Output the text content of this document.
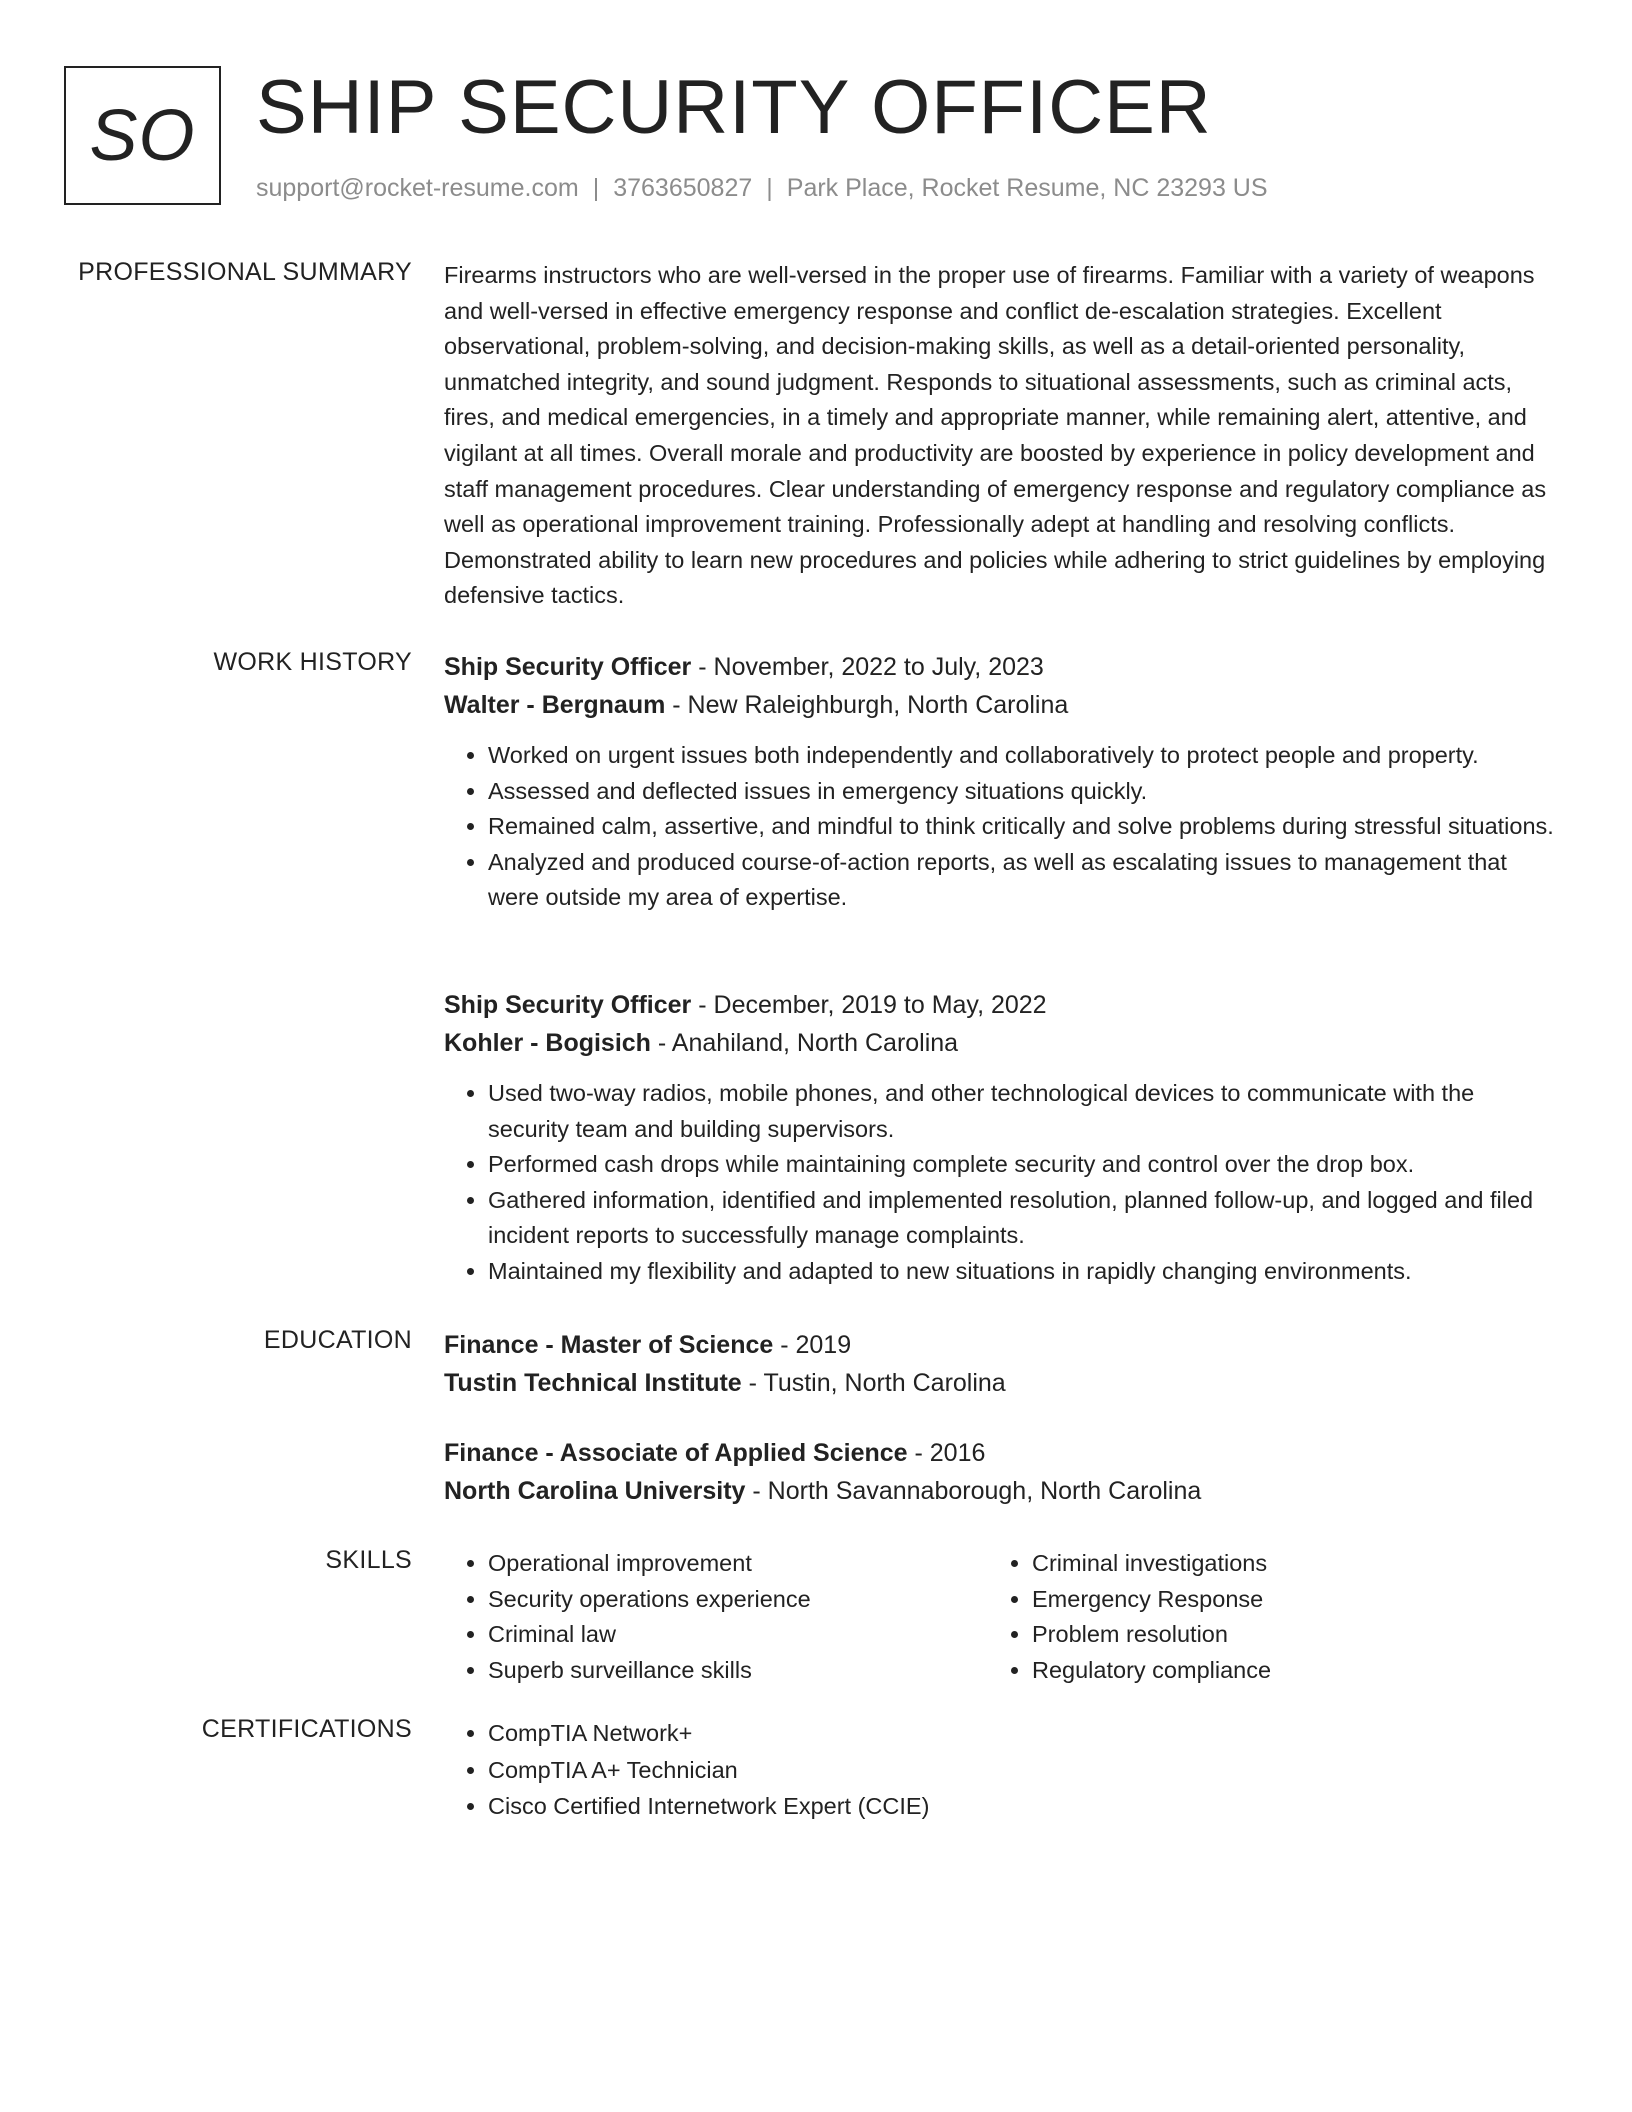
SO SHIP SECURITY OFFICER
support@rocket-resume.com | 3763650827 | Park Place, Rocket Resume, NC 23293 US
PROFESSIONAL SUMMARY Firearms instructors who are well-versed in the proper use of firearms. Familiar with a variety of weapons and well-versed in effective emergency response and conflict de-escalation strategies. Excellent observational, problem-solving, and decision-making skills, as well as a detail-oriented personality, unmatched integrity, and sound judgment. Responds to situational assessments, such as criminal acts, fires, and medical emergencies, in a timely and appropriate manner, while remaining alert, attentive, and vigilant at all times. Overall morale and productivity are boosted by experience in policy development and staff management procedures. Clear understanding of emergency response and regulatory compliance as well as operational improvement training. Professionally adept at handling and resolving conflicts. Demonstrated ability to learn new procedures and policies while adhering to strict guidelines by employing defensive tactics.

WORK HISTORY Ship Security Officer - November, 2022 to July, 2023
Walter - Bergnaum - New Raleighburgh, North Carolina
• Worked on urgent issues both independently and collaboratively to protect people and property.
• Assessed and deflected issues in emergency situations quickly.
• Remained calm, assertive, and mindful to think critically and solve problems during stressful situations.
• Analyzed and produced course-of-action reports, as well as escalating issues to management that were outside my area of expertise.
Ship Security Officer - December, 2019 to May, 2022
Kohler - Bogisich - Anahiland, North Carolina
• Used two-way radios, mobile phones, and other technological devices to communicate with the security team and building supervisors.
• Performed cash drops while maintaining complete security and control over the drop box.
• Gathered information, identified and implemented resolution, planned follow-up, and logged and filed incident reports to successfully manage complaints.
• Maintained my flexibility and adapted to new situations in rapidly changing environments.
EDUCATION Finance - Master of Science - 2019
Tustin Technical Institute - Tustin, North Carolina
Finance - Associate of Applied Science - 2016
North Carolina University - North Savannaborough, North Carolina
SKILLS	• Operational improvement
• Security operations experience
• Criminal law
• Superb surveillance skills
• Criminal investigations
• Emergency Response
• Problem resolution
• Regulatory compliance
CERTIFICATIONS	• CompTIA Network+
• CompTIA A+ Technician
• Cisco Certified Internetwork Expert (CCIE)
